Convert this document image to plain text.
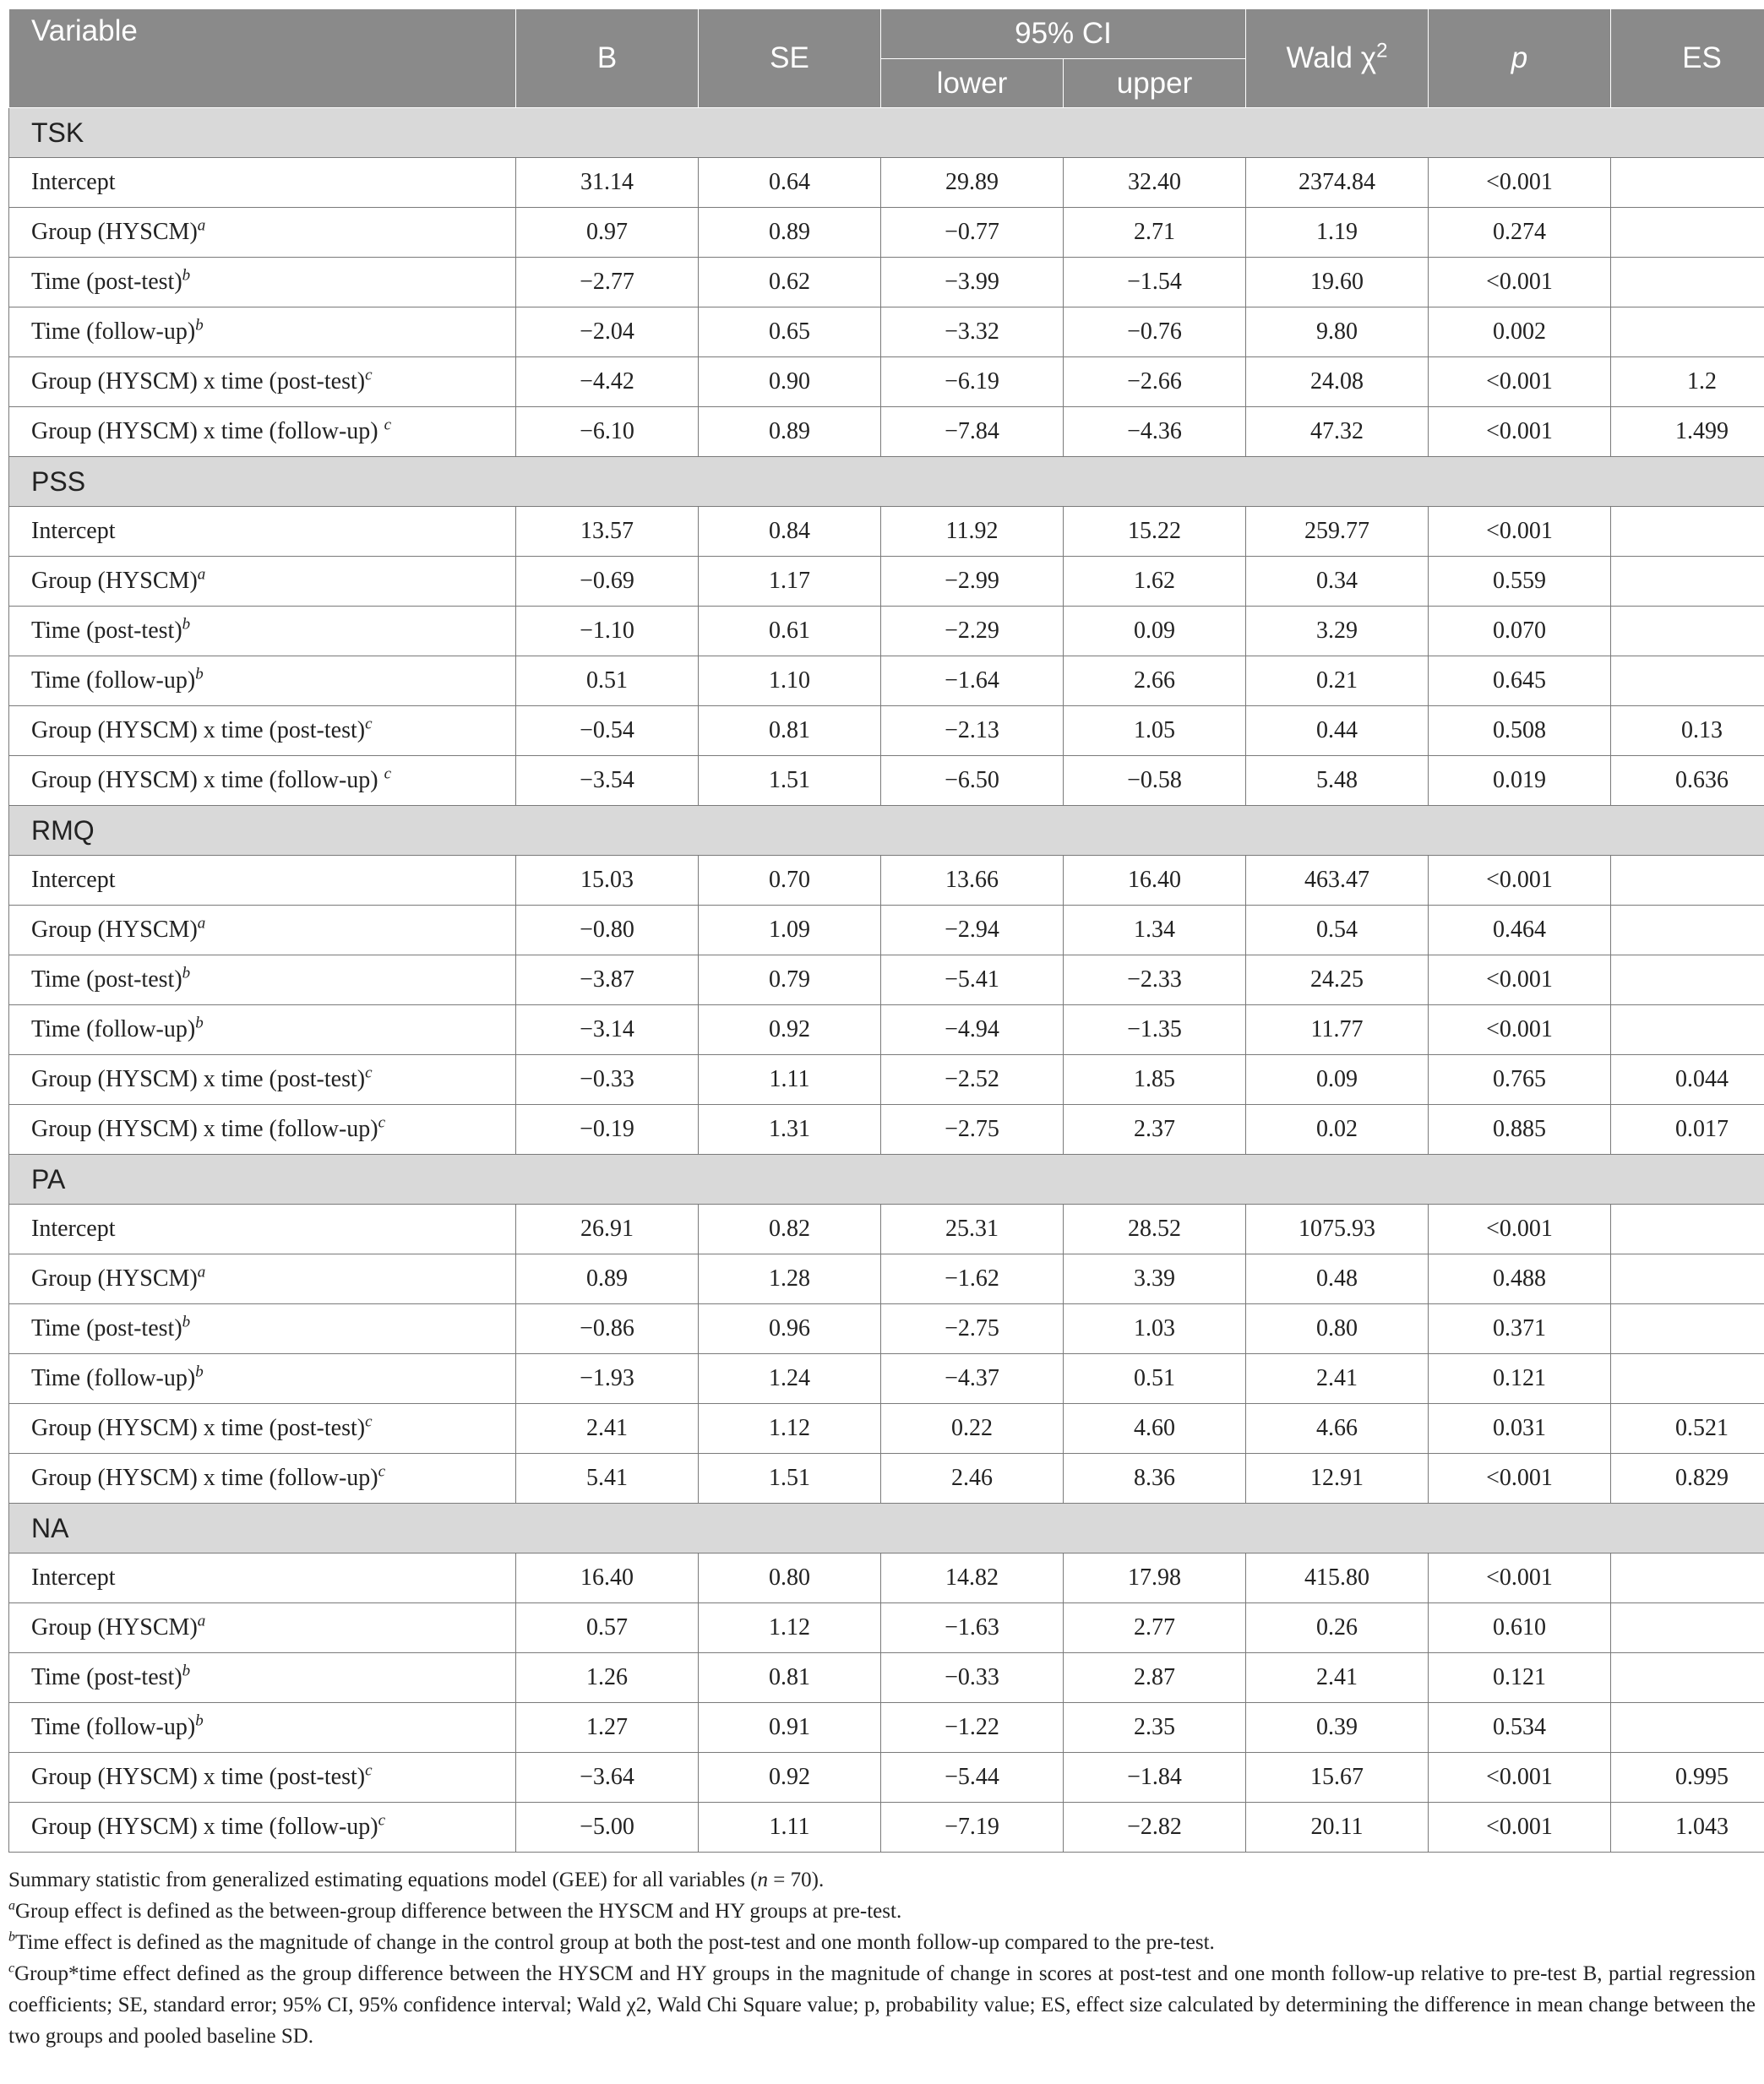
Variable	B	SE	95% CI		Wald $\chi^2$	p	ES
			lower	upper			
TSK							
Intercept	31.14	0.64	29.89	32.40	2374.84	<0.001	
Group (HYSCM)$^a$	0.97	0.89	−0.77	2.71	1.19	0.274	
Time (post-test)$^b$	−2.77	0.62	−3.99	−1.54	19.60	<0.001	
Time (follow-up)$^b$	−2.04	0.65	−3.32	−0.76	9.80	0.002	
Group (HYSCM) x time (post-test)$^c$	−4.42	0.90	−6.19	−2.66	24.08	<0.001	1.2
Group (HYSCM) x time (follow-up) $^c$	−6.10	0.89	−7.84	−4.36	47.32	<0.001	1.499
PSS							
Intercept	13.57	0.84	11.92	15.22	259.77	<0.001	
Group (HYSCM)$^a$	−0.69	1.17	−2.99	1.62	0.34	0.559	
Time (post-test)$^b$	−1.10	0.61	−2.29	0.09	3.29	0.070	
Time (follow-up)$^b$	0.51	1.10	−1.64	2.66	0.21	0.645	
Group (HYSCM) x time (post-test)$^c$	−0.54	0.81	−2.13	1.05	0.44	0.508	0.13
Group (HYSCM) x time (follow-up) $^c$	−3.54	1.51	−6.50	−0.58	5.48	0.019	0.636
RMQ							
Intercept	15.03	0.70	13.66	16.40	463.47	<0.001	
Group (HYSCM)$^a$	−0.80	1.09	−2.94	1.34	0.54	0.464	
Time (post-test)$^b$	−3.87	0.79	−5.41	−2.33	24.25	<0.001	
Time (follow-up)$^b$	−3.14	0.92	−4.94	−1.35	11.77	<0.001	
Group (HYSCM) x time (post-test)$^c$	−0.33	1.11	−2.52	1.85	0.09	0.765	0.044
Group (HYSCM) x time (follow-up)$^c$	−0.19	1.31	−2.75	2.37	0.02	0.885	0.017
PA							
Intercept	26.91	0.82	25.31	28.52	1075.93	<0.001	
Group (HYSCM)$^a$	0.89	1.28	−1.62	3.39	0.48	0.488	
Time (post-test)$^b$	−0.86	0.96	−2.75	1.03	0.80	0.371	
Time (follow-up)$^b$	−1.93	1.24	−4.37	0.51	2.41	0.121	
Group (HYSCM) x time (post-test)$^c$	2.41	1.12	0.22	4.60	4.66	0.031	0.521
Group (HYSCM) x time (follow-up)$^c$	5.41	1.51	2.46	8.36	12.91	<0.001	0.829
NA							
Intercept	16.40	0.80	14.82	17.98	415.80	<0.001	
Group (HYSCM)$^a$	0.57	1.12	−1.63	2.77	0.26	0.610	
Time (post-test)$^b$	1.26	0.81	−0.33	2.87	2.41	0.121	
Time (follow-up)$^b$	1.27	0.91	−1.22	2.35	0.39	0.534	
Group (HYSCM) x time (post-test)$^c$	−3.64	0.92	−5.44	−1.84	15.67	<0.001	0.995
Group (HYSCM) x time (follow-up)$^c$	−5.00	1.11	−7.19	−2.82	20.11	<0.001	1.043

Summary statistic from generalized estimating equations model (GEE) for all variables (n = 70).

$^a$Group effect is defined as the between-group difference between the HYSCM and HY groups at pre-test.

$^b$Time effect is defined as the magnitude of change in the control group at both the post-test and one month follow-up compared to the pre-test.

$^c$Group*time effect defined as the group difference between the HYSCM and HY groups in the magnitude of change in scores at post-test and one month follow-up relative to pre-test B, partial regression coefficients; SE, standard error; 95% CI, 95% confidence interval; Wald χ2, Wald Chi Square value; p, probability value; ES, effect size calculated by determining the difference in mean change between the two groups and pooled baseline SD.
